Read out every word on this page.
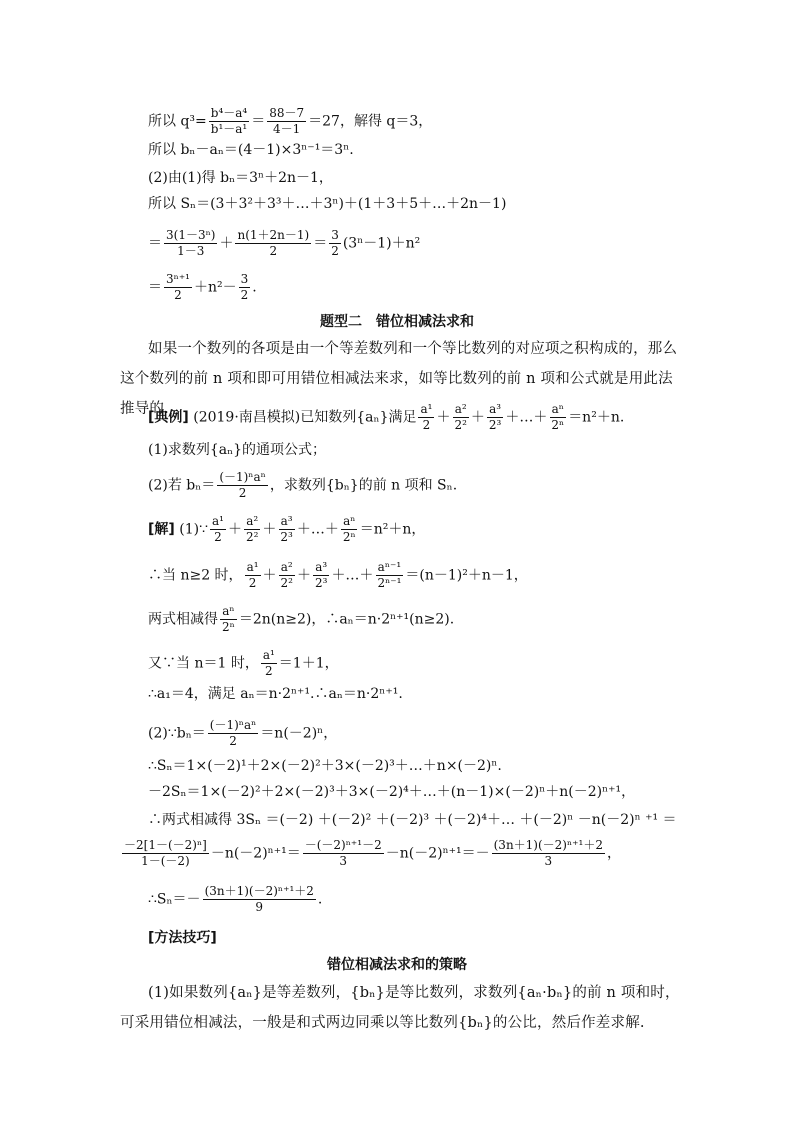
所以 $q^3= \frac{\text{b⁴－a⁴}}{\text{b¹－a¹}} = \frac{88-7}{4-1} =27$，解得 q＝3，
所以 bₙ－aₙ＝(4－1)×3ⁿ⁻¹＝3ⁿ.
(2)由(1)得 bₙ＝3ⁿ＋2n－1，
所以 Sₙ＝(3＋3²＋3³＋…＋3ⁿ)＋(1＋3＋5＋…＋2n－1)
＝ $\frac{\text{3(1－3ⁿ)}}{1-3} + \frac{n(1+2n-1)}{2} = \frac{3}{2} (3^n-1)+n^2$
＝ $\frac{\text{3ⁿ⁺¹}}{2} +n^2- \frac{3}{2}$ .
题型二　错位相减法求和
如果一个数列的各项是由一个等差数列和一个等比数列的对应项之积构成的，那么这个数列的前 n 项和即可用错位相减法来求，如等比数列的前 n 项和公式就是用此法推导的.
[典例] (2019·南昌模拟)已知数列{aₙ}满足 $\frac{\text{a¹}}{2} + \frac{\text{a²}}{\text{2²}} + \frac{\text{a³}}{\text{2³}}$ ＋…＋ $\frac{\text{aⁿ}}{\text{2ⁿ}} =n^2+n$.
(1)求数列{aₙ}的通项公式；
(2)若 $b_n= \frac{\text{(－1)ⁿaⁿ}}{2}$ ，求数列{bₙ}的前 n 项和 Sₙ.
[解] (1)∵ $\frac{\text{a¹}}{2} + \frac{\text{a²}}{\text{2²}} + \frac{\text{a³}}{\text{2³}}$ ＋…＋ $\frac{\text{aⁿ}}{\text{2ⁿ}} =n^2+n$，
∴当 n≥2 时， $\frac{\text{a¹}}{2} + \frac{\text{a²}}{\text{2²}} + \frac{\text{a³}}{\text{2³}}$ ＋…＋ $\frac{\text{aⁿ⁻¹}}{\text{2ⁿ⁻¹}} =(n-1)^2+n-1$，
两式相减得 $\frac{\text{aⁿ}}{\text{2ⁿ}} =2n(n\ge 2)$，∴aₙ＝n·2ⁿ⁺¹(n≥2).
又∵当 n＝1 时， $\frac{\text{a¹}}{2} =1+1$，
∴a₁＝4，满足 aₙ＝n·2ⁿ⁺¹.∴aₙ＝n·2ⁿ⁺¹.
(2)∵bₙ＝ $\frac{\text{(－1)ⁿaⁿ}}{2} =n(-2)^n$，
∴Sₙ＝1×(－2)¹＋2×(－2)²＋3×(－2)³＋…＋n×(－2)ⁿ.
－2Sₙ＝1×(－2)²＋2×(－2)³＋3×(－2)⁴＋…＋(n－1)×(－2)ⁿ＋n(－2)ⁿ⁺¹，
∴两式相减得 3Sₙ ＝(－2) ＋(－2)² ＋(－2)³ ＋(－2)⁴＋… ＋(－2)ⁿ －n(－2)ⁿ ⁺¹ ＝
$\frac{\text{－2[1－(－2)ⁿ]}}{1-(-2)} -n(-2)^{n+1}= \frac{\text{－(－2)ⁿ⁺¹－2}}{3} -n(-2)^{n+1}=- \frac{\text{(3n＋1)(－2)ⁿ⁺¹＋2}}{3}$ ，
∴Sₙ＝－ $\frac{\text{(3n＋1)(－2)ⁿ⁺¹＋2}}{9}$ .
[方法技巧]
错位相减法求和的策略
(1)如果数列{aₙ}是等差数列，{bₙ}是等比数列，求数列{aₙ·bₙ}的前 n 项和时，可采用错位相减法，一般是和式两边同乘以等比数列{bₙ}的公比，然后作差求解.
